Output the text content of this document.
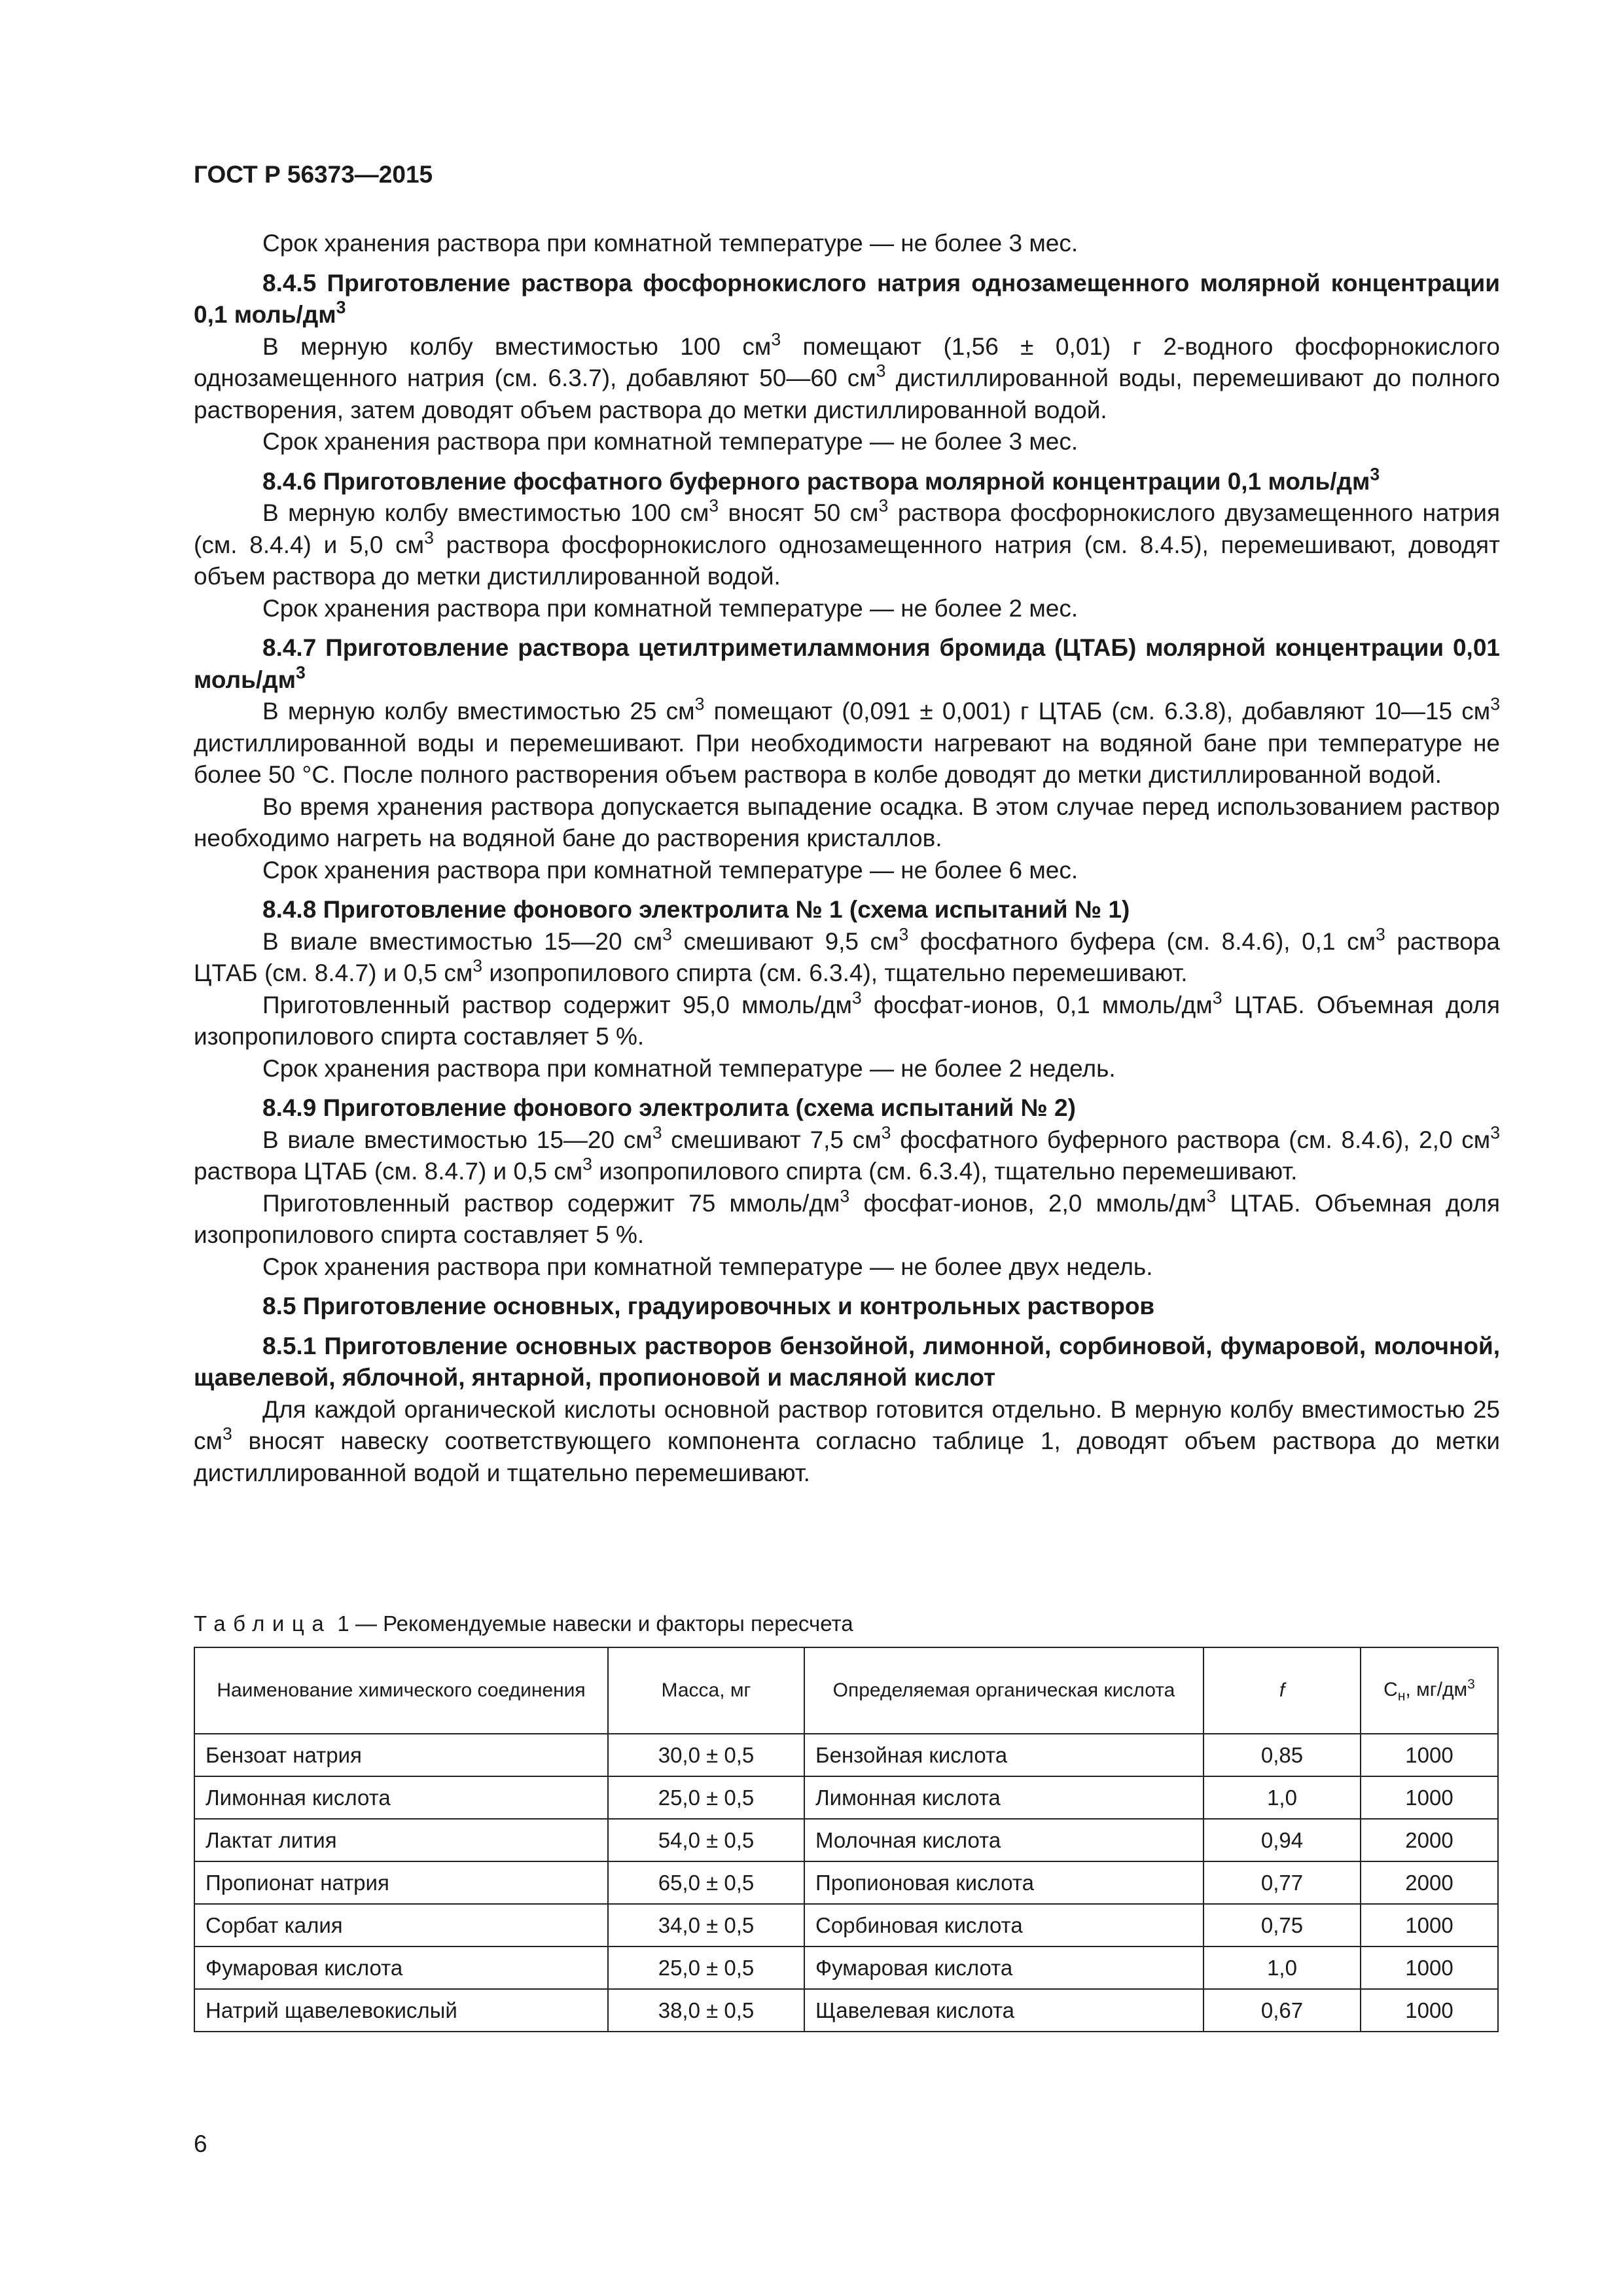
ГОСТ Р 56373—2015

Срок хранения раствора при комнатной температуре — не более 3 мес.

8.4.5 Приготовление раствора фосфорнокислого натрия однозамещенного молярной концентрации 0,1 моль/$дм^3$

В мерную колбу вместимостью 100 $см^3$ помещают (1,56 ± 0,01) г 2-водного фосфорнокислого однозамещенного натрия (см. 6.3.7), добавляют 50—60 $см^3$ дистиллированной воды, перемешивают до полного растворения, затем доводят объем раствора до метки дистиллированной водой.

Срок хранения раствора при комнатной температуре — не более 3 мес.

8.4.6 Приготовление фосфатного буферного раствора молярной концентрации 0,1 моль/$дм^3$

В мерную колбу вместимостью 100 $см^3$ вносят 50 $см^3$ раствора фосфорнокислого двузамещенного натрия (см. 8.4.4) и 5,0 $см^3$ раствора фосфорнокислого однозамещенного натрия (см. 8.4.5), перемешивают, доводят объем раствора до метки дистиллированной водой.

Срок хранения раствора при комнатной температуре — не более 2 мес.

8.4.7 Приготовление раствора цетилтриметиламмония бромида (ЦТАБ) молярной концентрации 0,01 моль/$дм^3$

В мерную колбу вместимостью 25 $см^3$ помещают (0,091 ± 0,001) г ЦТАБ (см. 6.3.8), добавляют 10—15 $см^3$ дистиллированной воды и перемешивают. При необходимости нагревают на водяной бане при температуре не более 50 °С. После полного растворения объем раствора в колбе доводят до метки дистиллированной водой.

Во время хранения раствора допускается выпадение осадка. В этом случае перед использованием раствор необходимо нагреть на водяной бане до растворения кристаллов.

Срок хранения раствора при комнатной температуре — не более 6 мес.

8.4.8 Приготовление фонового электролита № 1 (схема испытаний № 1)

В виале вместимостью 15—20 $см^3$ смешивают 9,5 $см^3$ фосфатного буфера (см. 8.4.6), 0,1 $см^3$ раствора ЦТАБ (см. 8.4.7) и 0,5 $см^3$ изопропилового спирта (см. 6.3.4), тщательно перемешивают.

Приготовленный раствор содержит 95,0 ммоль/$дм^3$ фосфат-ионов, 0,1 ммоль/$дм^3$ ЦТАБ. Объемная доля изопропилового спирта составляет 5 %.

Срок хранения раствора при комнатной температуре — не более 2 недель.

8.4.9 Приготовление фонового электролита (схема испытаний № 2)

В виале вместимостью 15—20 $см^3$ смешивают 7,5 $см^3$ фосфатного буферного раствора (см. 8.4.6), 2,0 $см^3$ раствора ЦТАБ (см. 8.4.7) и 0,5 $см^3$ изопропилового спирта (см. 6.3.4), тщательно перемешивают.

Приготовленный раствор содержит 75 ммоль/$дм^3$ фосфат-ионов, 2,0 ммоль/$дм^3$ ЦТАБ. Объемная доля изопропилового спирта составляет 5 %.

Срок хранения раствора при комнатной температуре — не более двух недель.

8.5 Приготовление основных, градуировочных и контрольных растворов

8.5.1 Приготовление основных растворов бензойной, лимонной, сорбиновой, фумаровой, молочной, щавелевой, яблочной, янтарной, пропионовой и масляной кислот

Для каждой органической кислоты основной раствор готовится отдельно. В мерную колбу вместимостью 25 $см^3$ вносят навеску соответствующего компонента согласно таблице 1, доводят объем раствора до метки дистиллированной водой и тщательно перемешивают.

Таблица 1 — Рекомендуемые навески и факторы пересчета
Наименование химического соединения	Масса, мг	Определяемая органическая кислота	f	$С_н$, $мг/дм^3$
Бензоат натрия	30,0 ± 0,5	Бензойная кислота	0,85	1000
Лимонная кислота	25,0 ± 0,5	Лимонная кислота	1,0	1000
Лактат лития	54,0 ± 0,5	Молочная кислота	0,94	2000
Пропионат натрия	65,0 ± 0,5	Пропионовая кислота	0,77	2000
Сорбат калия	34,0 ± 0,5	Сорбиновая кислота	0,75	1000
Фумаровая кислота	25,0 ± 0,5	Фумаровая кислота	1,0	1000
Натрий щавелевокислый	38,0 ± 0,5	Щавелевая кислота	0,67	1000
6
